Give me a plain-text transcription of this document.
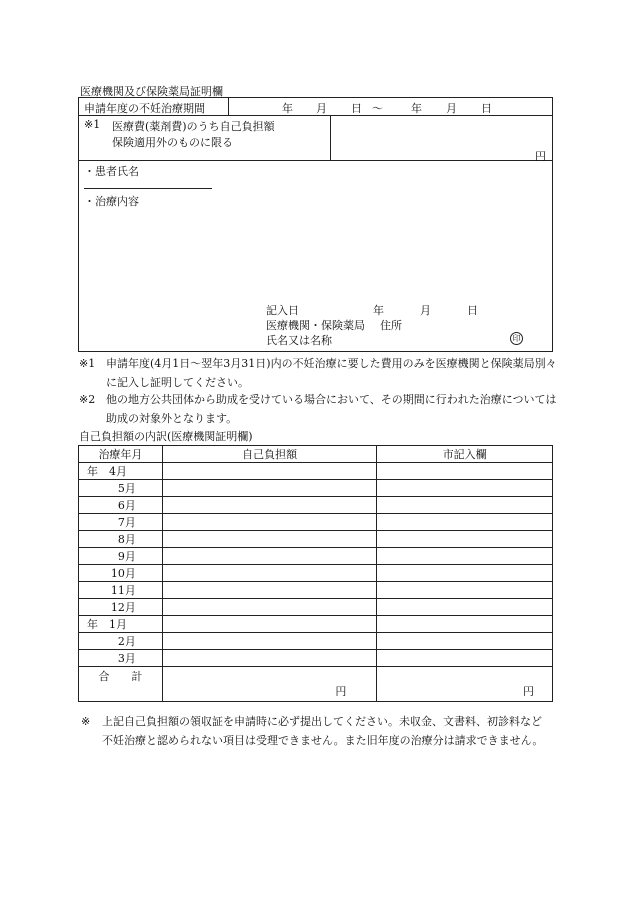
医療機関及び保険薬局証明欄
申請年度の不妊治療期間	年 月 日 ～	年 月 日
※1 医療費(薬剤費)のうち自己負担額
保険適用外のものに限る
円
・患者氏名
・治療内容
記入日	年	月	日
医療機関・保険薬局 住所
氏名又は名称	印
※1 申請年度(4月1日～翌年3月31日)内の不妊治療に要した費用のみを医療機関と保険薬局別々に記入し証明してください。
※2 他の地方公共団体から助成を受けている場合において、その期間に行われた治療については助成の対象外となります。
自己負担額の内訳(医療機関証明欄)
治療年月	自己負担額	市記入欄
年　4月		
5月		
6月		
7月		
8月		
9月		
10月		
11月		
12月		
年　1月		
2月		
3月		
合　　計	円	円
※ 上記自己負担額の領収証を申請時に必ず提出してください。未収金、文書料、初診料など不妊治療と認められない項目は受理できません。また旧年度の治療分は請求できません。
